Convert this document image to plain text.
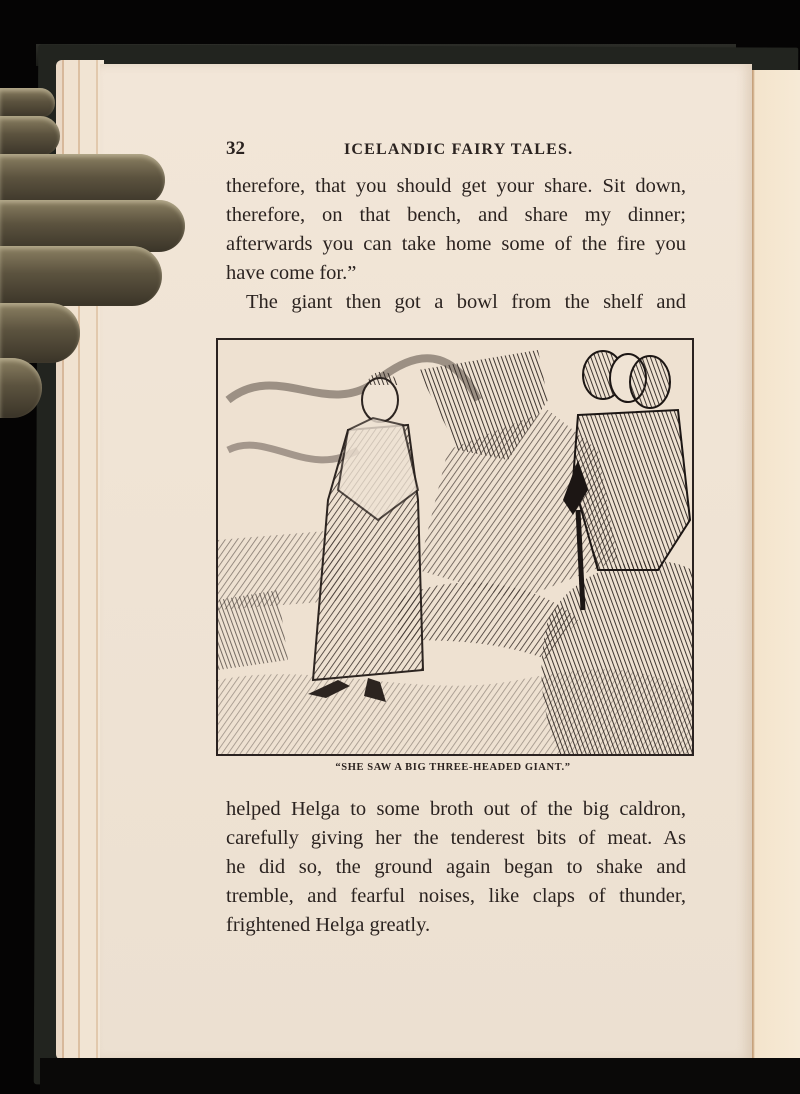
32	ICELANDIC FAIRY TALES.
therefore, that you should get your share. Sit down,
therefore, on that bench, and share my dinner;
afterwards you can take home some of the fire you
have come for.”
The giant then got a bowl from the shelf and
“SHE SAW A BIG THREE-HEADED GIANT.”
helped Helga to some broth out of the big caldron,
carefully giving her the tenderest bits of meat. As
he did so, the ground again began to shake and
tremble, and fearful noises, like claps of thunder,
frightened Helga greatly.
